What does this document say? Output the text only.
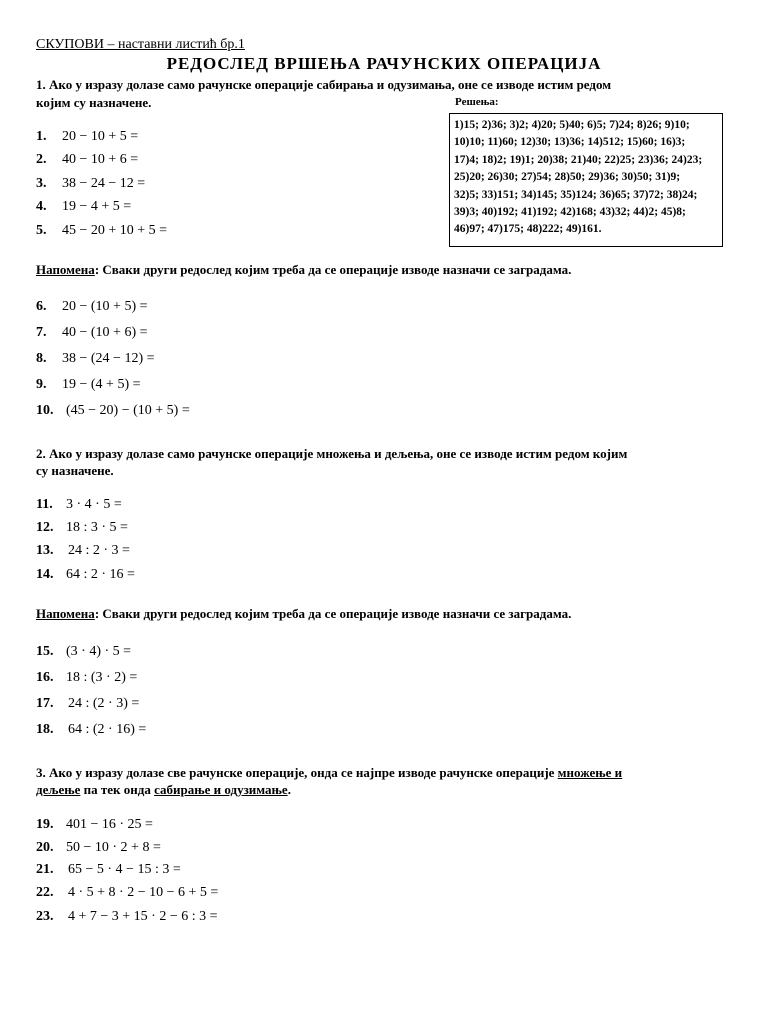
СКУПОВИ – наставни листић бр.1
РЕДОСЛЕД ВРШЕЊА РАЧУНСКИХ ОПЕРАЦИЈА
1. Ако у изразу долазе само рачунске операције сабирања и одузимања, оне се изводе истим редом
којим су назначене.	Решења:
1)15; 2)36; 3)2; 4)20; 5)40; 6)5; 7)24; 8)26; 9)10;
10)10; 11)60; 12)30; 13)36; 14)512; 15)60; 16)3;
17)4; 18)2; 19)1; 20)38; 21)40; 22)25; 23)36; 24)23;
25)20; 26)30; 27)54; 28)50; 29)36; 30)50; 31)9;
32)5; 33)151; 34)145; 35)124; 36)65; 37)72; 38)24;
39)3; 40)192; 41)192; 42)168; 43)32; 44)2; 45)8;
46)97; 47)175; 48)222; 49)161.
1.	20 − 10 + 5 =
2.	40 − 10 + 6 =
3.	38 − 24 − 12 =
4.	19 − 4 + 5 =
5.	45 − 20 + 10 + 5 =
Напомена: Сваки други редослед којим треба да се операције изводе назначи се заградама.
6.	20 − (10 + 5) =
7.	40 − (10 + 6) =
8.	38 − (24 − 12) =
9.	19 − (4 + 5) =
10. (45 − 20) − (10 + 5) =
2. Ако у изразу долазе само рачунске операције множења и дељења, оне се изводе истим редом којим
су назначене.
11. 3 · 4 · 5 =
12. 18 : 3 · 5 =
13.	24 : 2 · 3 =
14. 64 : 2 · 16 =
Напомена: Сваки други редослед којим треба да се операције изводе назначи се заградама.
15. (3 · 4) · 5 =
16. 18 : (3 · 2) =
17.	24 : (2 · 3) =
18.	64 : (2 · 16) =
3. Ако у изразу долазе све рачунске операције, онда се најпре изводе рачунске операције множење и
дељење па тек онда сабирање и одузимање.
19. 401 − 16 · 25 =
20. 50 − 10 · 2 + 8 =
21.	65 − 5 · 4 − 15 : 3 =
22.	4 · 5 + 8 · 2 − 10 − 6 + 5 =
23.	4 + 7 − 3 + 15 · 2 − 6 : 3 =
